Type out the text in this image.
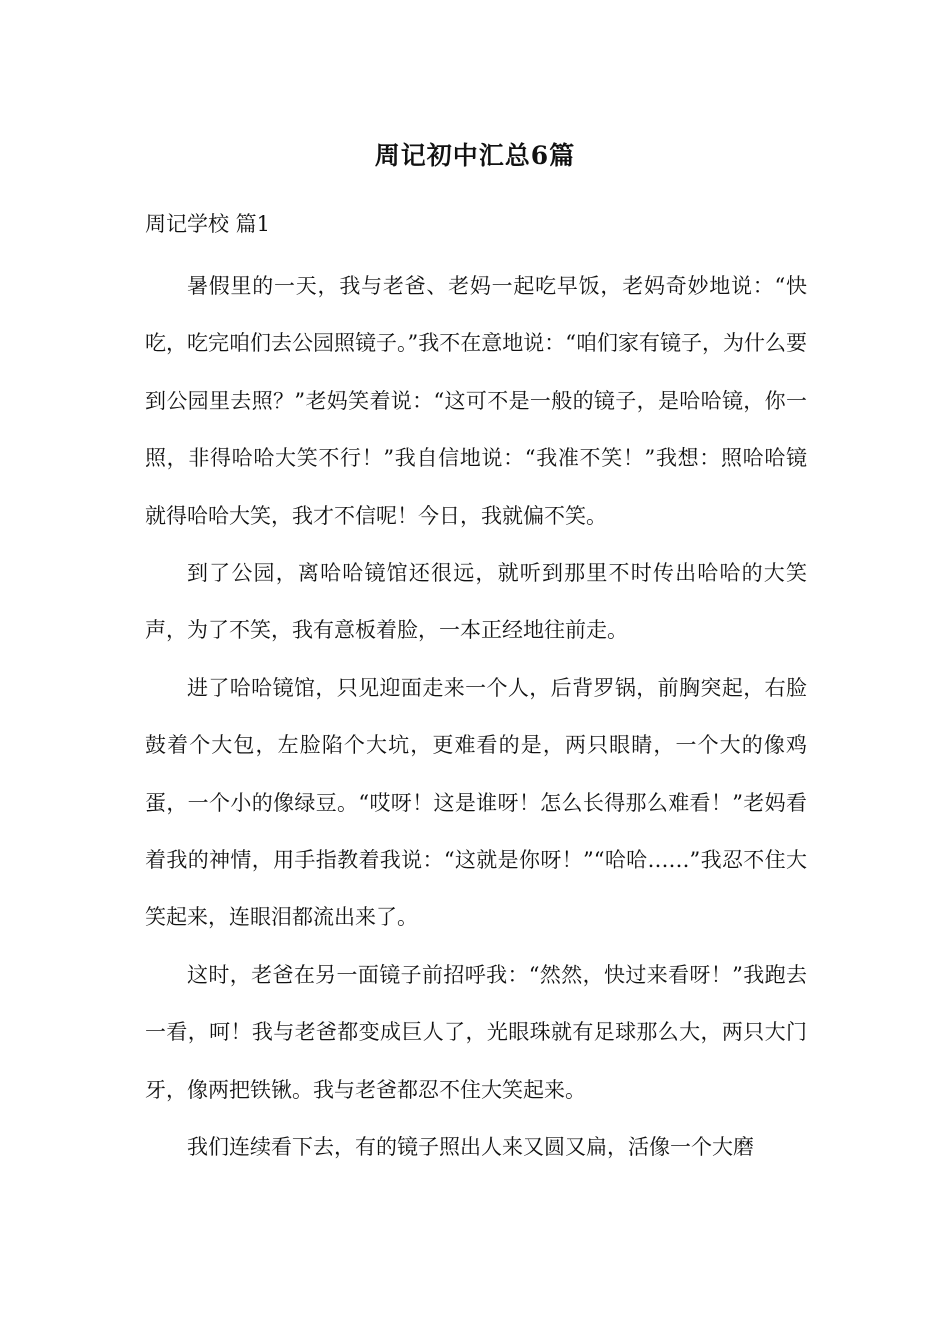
周记初中汇总6篇
周记学校 篇1

暑假里的一天，我与老爸、老妈一起吃早饭，老妈奇妙地说：“快吃，吃完咱们去公园照镜子。”我不在意地说：“咱们家有镜子，为什么要到公园里去照？”老妈笑着说：“这可不是一般的镜子，是哈哈镜，你一照，非得哈哈大笑不行！”我自信地说：“我准不笑！”我想：照哈哈镜就得哈哈大笑，我才不信呢！今日，我就偏不笑。

到了公园，离哈哈镜馆还很远，就听到那里不时传出哈哈的大笑声，为了不笑，我有意板着脸，一本正经地往前走。

进了哈哈镜馆，只见迎面走来一个人，后背罗锅，前胸突起，右脸鼓着个大包，左脸陷个大坑，更难看的是，两只眼睛，一个大的像鸡蛋，一个小的像绿豆。“哎呀！这是谁呀！怎么长得那么难看！”老妈看着我的神情，用手指教着我说：“这就是你呀！”“哈哈……”我忍不住大笑起来，连眼泪都流出来了。

这时，老爸在另一面镜子前招呼我：“然然，快过来看呀！”我跑去一看，呵！我与老爸都变成巨人了，光眼珠就有足球那么大，两只大门牙，像两把铁锹。我与老爸都忍不住大笑起来。

我们连续看下去，有的镜子照出人来又圆又扁，活像一个大磨
